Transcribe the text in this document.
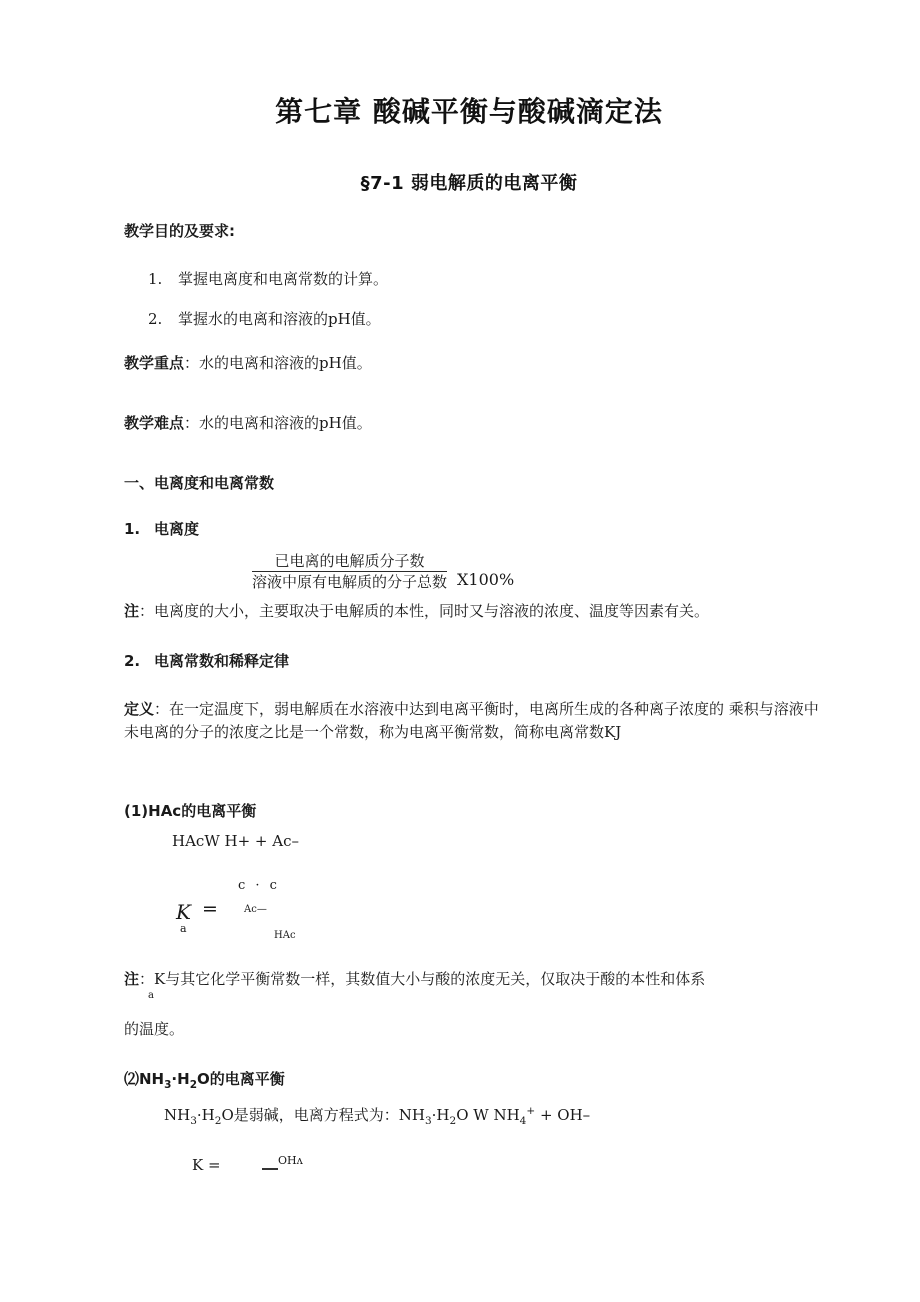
第七章 酸碱平衡与酸碱滴定法
§7-1 弱电解质的电离平衡
教学目的及要求:
1. 掌握电离度和电离常数的计算。
2. 掌握水的电离和溶液的pH值。
教学重点：水的电离和溶液的pH值。
教学难点：水的电离和溶液的pH值。
一、电离度和电离常数
1. 电离度
$\frac{\text{已电离的电解质分子数}}{\text{溶液中原有电解质的分子总数}} X100\%$
注：电离度的大小，主要取决于电解质的本性，同时又与溶液的浓度、温度等因素有关。
2. 电离常数和稀释定律
定义：在一定温度下，弱电解质在水溶液中达到电离平衡时，电离所生成的各种离子浓度的 乘积与溶液中未电离的分子的浓度之比是一个常数，称为电离平衡常数，简称电离常数KJ
(1)HAc的电离平衡
HAcW H+ + Ac–
K
a
=
c · c
Ac—
HAc
注：K与其它化学平衡常数一样，其数值大小与酸的浓度无关，仅取决于酸的本性和体系
a
的温度。
$⑵NH_3\cdot H_2O$的电离平衡
$NH_3\cdot H_2O$是弱碱，电离方程式为：$NH_3\cdot H_2O$ W $NH_4^+ + OH-$
K =	OHʌ
